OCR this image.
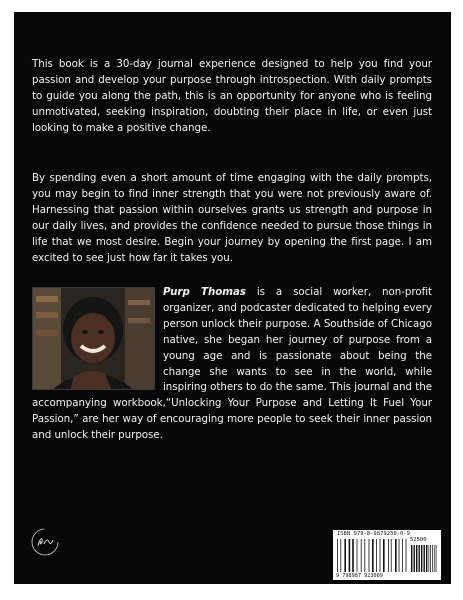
This book is a 30-day journal experience designed to help you find your passion and develop your purpose through introspection. With daily prompts to guide you along the path, this is an opportunity for anyone who is feeling unmotivated, seeking inspiration, doubting their place in life, or even just looking to make a positive change.

By spending even a short amount of time engaging with the daily prompts, you may begin to find inner strength that you were not previously aware of. Harnessing that passion within ourselves grants us strength and purpose in our daily lives, and provides the confidence needed to pursue those things in life that we most desire. Begin your journey by opening the first page. I am excited to see just how far it takes you.

Purp Thomas is a social worker, non-profit organizer, and podcaster dedicated to helping every person unlock their purpose. A Southside of Chicago native, she began her journey of purpose from a young age and is passionate about being the change she wants to see in the world, while inspiring others to do the same. This journal and the accompanying workbook,“Unlocking Your Purpose and Letting It Fuel Your Passion,” are her way of encouraging more people to seek their inner passion and unlock their purpose.
ISBN 979-8-9879230-0-9
52500
9 798987 923009
